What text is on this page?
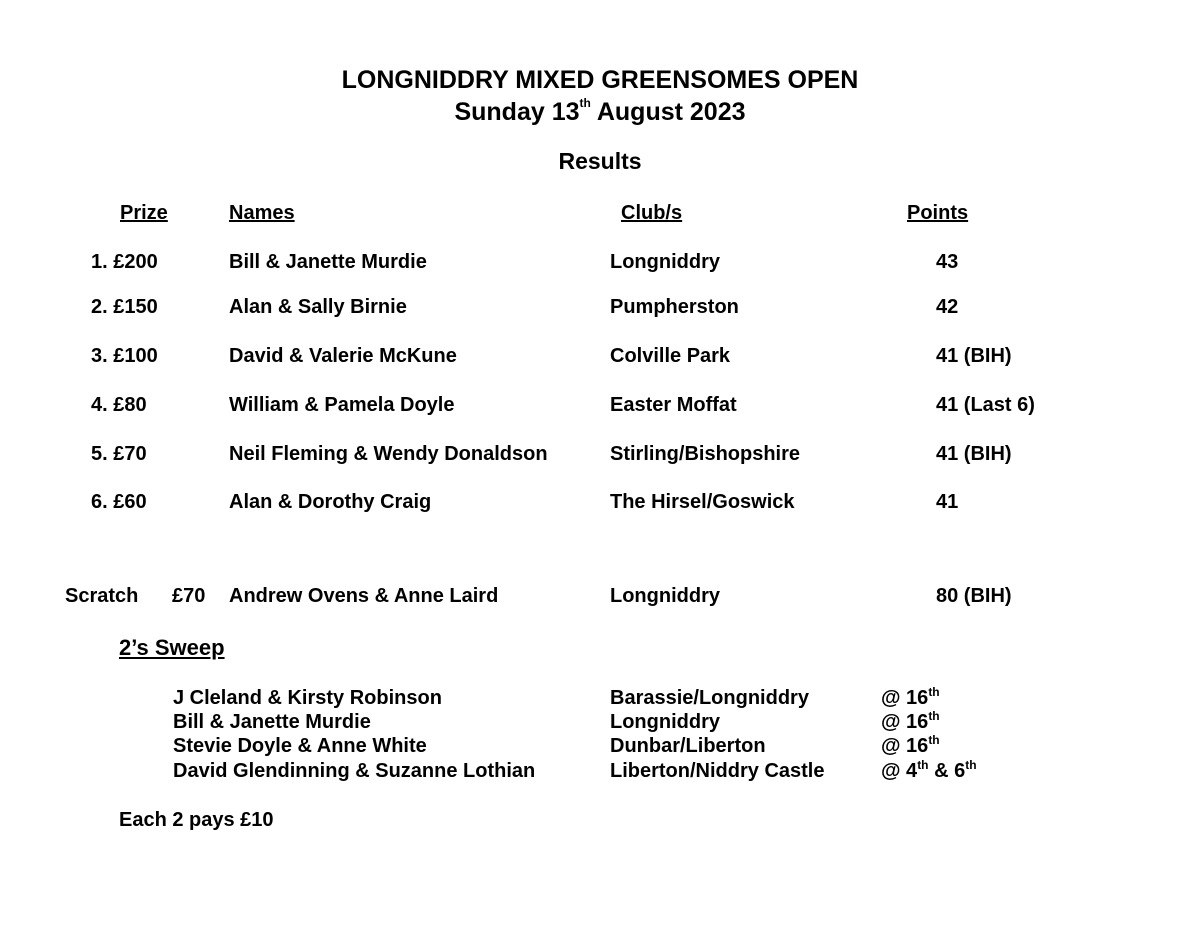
LONGNIDDRY MIXED GREENSOMES OPEN
Sunday 13th August 2023
Results
Prize	Names	Club/s	Points
1. £200	Bill & Janette Murdie	Longniddry	43
2. £150	Alan & Sally Birnie	Pumpherston	42
3. £100	David & Valerie McKune	Colville Park	41 (BIH)
4. £80	William & Pamela Doyle	Easter Moffat	41 (Last 6)
5. £70	Neil Fleming & Wendy Donaldson	Stirling/Bishopshire	41 (BIH)
6. £60	Alan & Dorothy Craig	The Hirsel/Goswick	41
Scratch £70 Andrew Ovens & Anne Laird	Longniddry	80 (BIH)
2’s Sweep
J Cleland & Kirsty Robinson	Barassie/Longniddry	@ 16th
Bill & Janette Murdie	Longniddry	@ 16th
Stevie Doyle & Anne White	Dunbar/Liberton	@ 16th
David Glendinning & Suzanne Lothian	Liberton/Niddry Castle	@ 4th & 6th
Each 2 pays £10
